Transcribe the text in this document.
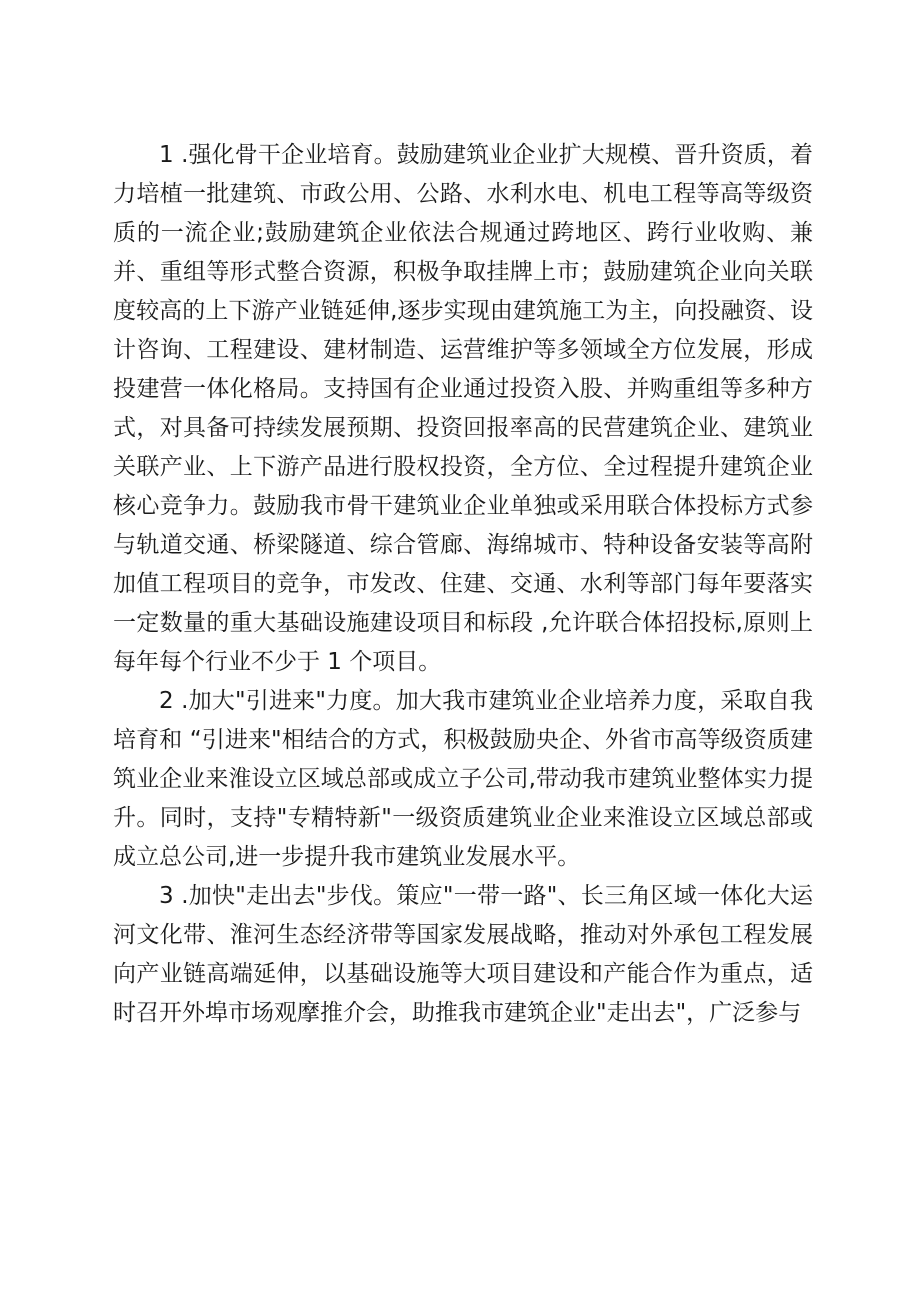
1 .强化骨干企业培育。鼓励建筑业企业扩大规模、晋升资质，着力培植一批建筑、市政公用、公路、水利水电、机电工程等高等级资质的一流企业;鼓励建筑企业依法合规通过跨地区、跨行业收购、兼并、重组等形式整合资源，积极争取挂牌上市；鼓励建筑企业向关联度较高的上下游产业链延伸,逐步实现由建筑施工为主，向投融资、设计咨询、工程建设、建材制造、运营维护等多领域全方位发展，形成投建营一体化格局。支持国有企业通过投资入股、并购重组等多种方式，对具备可持续发展预期、投资回报率高的民营建筑企业、建筑业关联产业、上下游产品进行股权投资，全方位、全过程提升建筑企业核心竞争力。鼓励我市骨干建筑业企业单独或采用联合体投标方式参与轨道交通、桥梁隧道、综合管廊、海绵城市、特种设备安装等高附加值工程项目的竞争，市发改、住建、交通、水利等部门每年要落实一定数量的重大基础设施建设项目和标段 ,允许联合体招投标,原则上每年每个行业不少于 1 个项目。

2 .加大"引进来"力度。加大我市建筑业企业培养力度，采取自我培育和 “引进来"相结合的方式，积极鼓励央企、外省市高等级资质建筑业企业来淮设立区域总部或成立子公司,带动我市建筑业整体实力提升。同时，支持"专精特新"一级资质建筑业企业来淮设立区域总部或成立总公司,进一步提升我市建筑业发展水平。

3 .加快"走出去"步伐。策应"一带一路"、长三角区域一体化大运河文化带、淮河生态经济带等国家发展战略，推动对外承包工程发展向产业链高端延伸，以基础设施等大项目建设和产能合作为重点，适时召开外埠市场观摩推介会，助推我市建筑企业"走出去"，广泛参与
